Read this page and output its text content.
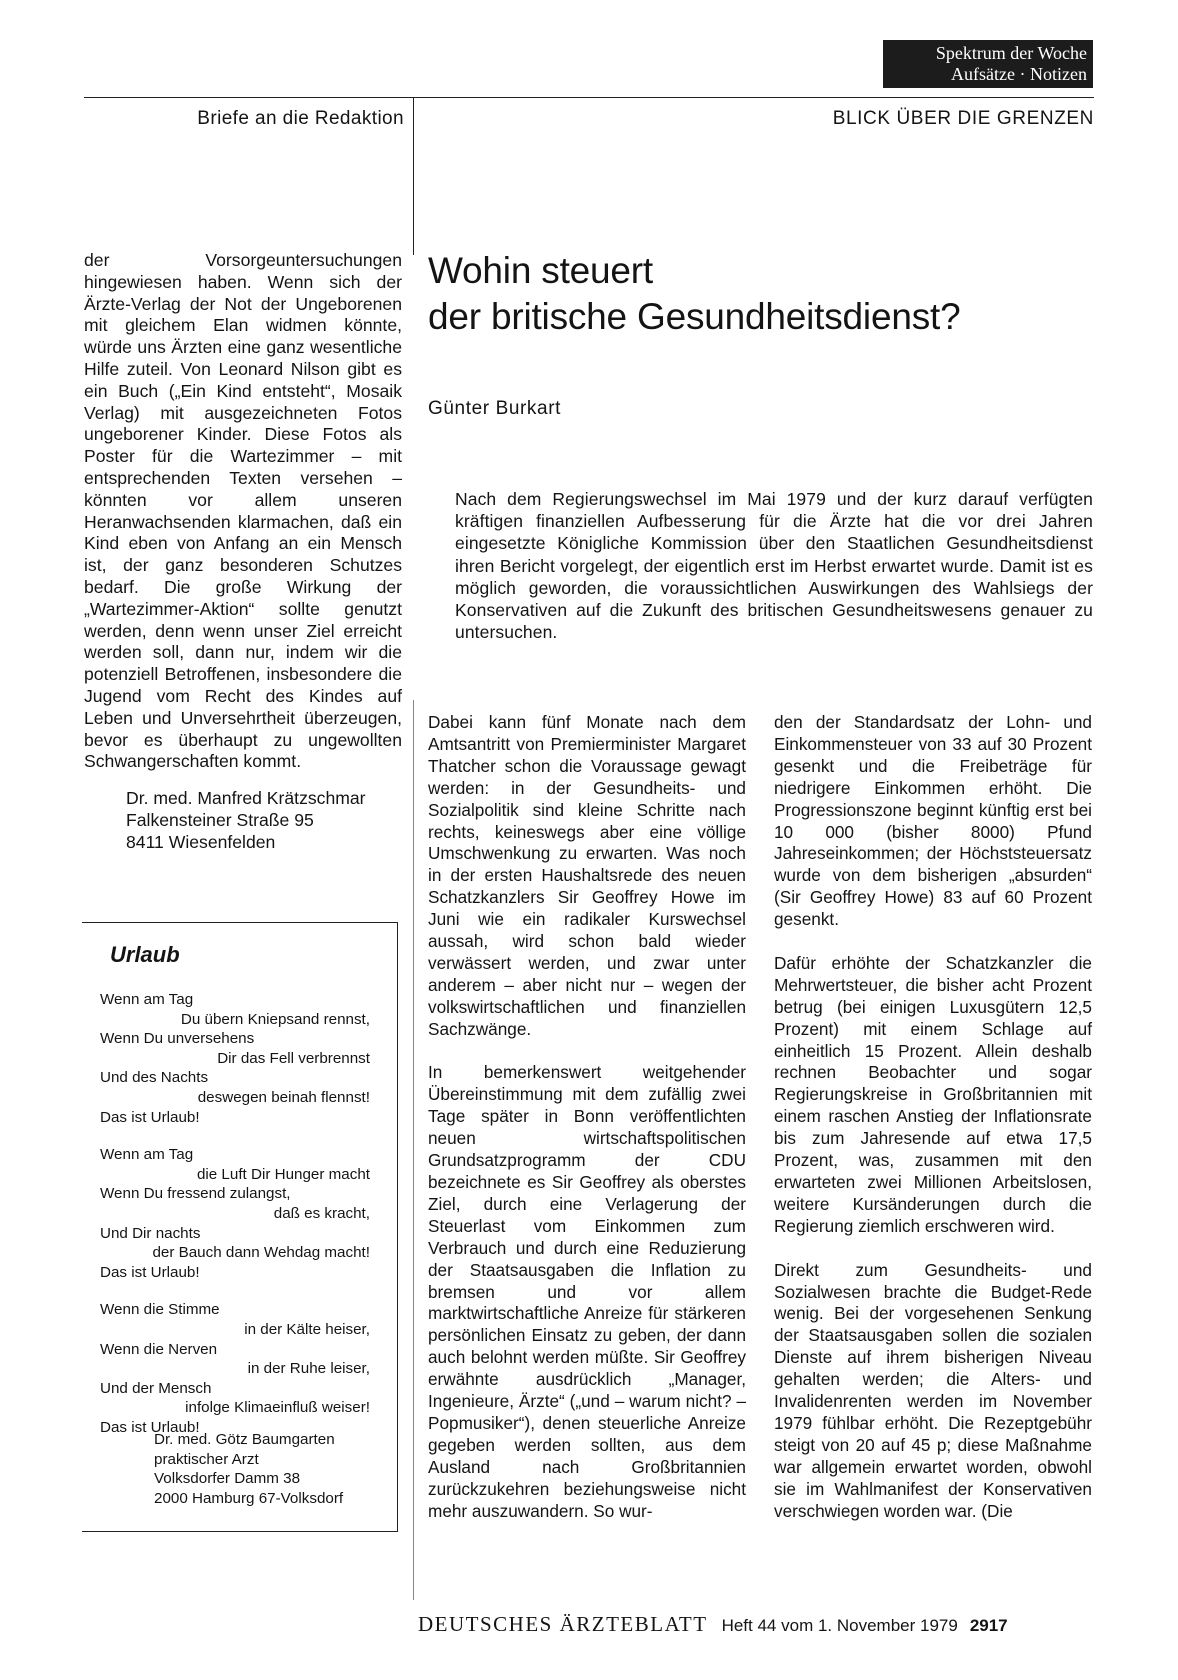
Spektrum der Woche
Aufsätze · Notizen
Briefe an die Redaktion	BLICK ÜBER DIE GRENZEN

der Vorsorgeuntersuchungen hingewiesen haben. Wenn sich der Ärzte-Verlag der Not der Ungeborenen mit gleichem Elan widmen könnte, würde uns Ärzten eine ganz wesentliche Hilfe zuteil. Von Leonard Nilson gibt es ein Buch („Ein Kind entsteht“, Mosaik Verlag) mit ausgezeichneten Fotos ungeborener Kinder. Diese Fotos als Poster für die Wartezimmer – mit entsprechenden Texten versehen – könnten vor allem unseren Heranwachsenden klarmachen, daß ein Kind eben von Anfang an ein Mensch ist, der ganz besonderen Schutzes bedarf. Die große Wirkung der „Wartezimmer-Aktion“ sollte genutzt werden, denn wenn unser Ziel erreicht werden soll, dann nur, indem wir die potenziell Betroffenen, insbesondere die Jugend vom Recht des Kindes auf Leben und Unversehrtheit überzeugen, bevor es überhaupt zu ungewollten Schwangerschaften kommt.

Dr. med. Manfred Krätzschmar
Falkensteiner Straße 95
8411 Wiesenfelden
Urlaub
Wenn am Tag
Du übern Kniepsand rennst,
Wenn Du unversehens
Dir das Fell verbrennst
Und des Nachts
deswegen beinah flennst!
Das ist Urlaub!
Wenn am Tag
die Luft Dir Hunger macht
Wenn Du fressend zulangst,
daß es kracht,
Und Dir nachts
der Bauch dann Wehdag macht!
Das ist Urlaub!
Wenn die Stimme
in der Kälte heiser,
Wenn die Nerven
in der Ruhe leiser,
Und der Mensch
infolge Klimaeinfluß weiser!
Das ist Urlaub!
Dr. med. Götz Baumgarten
praktischer Arzt
Volksdorfer Damm 38
2000 Hamburg 67-Volksdorf
Wohin steuert
der britische Gesundheitsdienst?
Günter Burkart
Nach dem Regierungswechsel im Mai 1979 und der kurz darauf verfügten kräftigen finanziellen Aufbesserung für die Ärzte hat die vor drei Jahren eingesetzte Königliche Kommission über den Staatlichen Gesundheitsdienst ihren Bericht vorgelegt, der eigentlich erst im Herbst erwartet wurde. Damit ist es möglich geworden, die voraussichtlichen Auswirkungen des Wahlsiegs der Konservativen auf die Zukunft des britischen Gesundheitswesens genauer zu untersuchen.

Dabei kann fünf Monate nach dem Amtsantritt von Premierminister Margaret Thatcher schon die Voraussage gewagt werden: in der Gesundheits- und Sozialpolitik sind kleine Schritte nach rechts, keineswegs aber eine völlige Umschwenkung zu erwarten. Was noch in der ersten Haushaltsrede des neuen Schatzkanzlers Sir Geoffrey Howe im Juni wie ein radikaler Kurswechsel aussah, wird schon bald wieder verwässert werden, und zwar unter anderem – aber nicht nur – wegen der volkswirtschaftlichen und finanziellen Sachzwänge.

In bemerkenswert weitgehender Übereinstimmung mit dem zufällig zwei Tage später in Bonn veröffentlichten neuen wirtschaftspolitischen Grundsatzprogramm der CDU bezeichnete es Sir Geoffrey als oberstes Ziel, durch eine Verlagerung der Steuerlast vom Einkommen zum Verbrauch und durch eine Reduzierung der Staatsausgaben die Inflation zu bremsen und vor allem marktwirtschaftliche Anreize für stärkeren persönlichen Einsatz zu geben, der dann auch belohnt werden müßte. Sir Geoffrey erwähnte ausdrücklich „Manager, Ingenieure, Ärzte“ („und – warum nicht? – Popmusiker“), denen steuerliche Anreize gegeben werden sollten, aus dem Ausland nach Großbritannien zurückzukehren beziehungsweise nicht mehr auszuwandern. So wur-

den der Standardsatz der Lohn- und Einkommensteuer von 33 auf 30 Prozent gesenkt und die Freibeträge für niedrigere Einkommen erhöht. Die Progressionszone beginnt künftig erst bei 10 000 (bisher 8000) Pfund Jahreseinkommen; der Höchststeuersatz wurde von dem bisherigen „absurden“ (Sir Geoffrey Howe) 83 auf 60 Prozent gesenkt.

Dafür erhöhte der Schatzkanzler die Mehrwertsteuer, die bisher acht Prozent betrug (bei einigen Luxusgütern 12,5 Prozent) mit einem Schlage auf einheitlich 15 Prozent. Allein deshalb rechnen Beobachter und sogar Regierungskreise in Großbritannien mit einem raschen Anstieg der Inflationsrate bis zum Jahresende auf etwa 17,5 Prozent, was, zusammen mit den erwarteten zwei Millionen Arbeitslosen, weitere Kursänderungen durch die Regierung ziemlich erschweren wird.

Direkt zum Gesundheits- und Sozialwesen brachte die Budget-Rede wenig. Bei der vorgesehenen Senkung der Staatsausgaben sollen die sozialen Dienste auf ihrem bisherigen Niveau gehalten werden; die Alters- und Invalidenrenten werden im November 1979 fühlbar erhöht. Die Rezeptgebühr steigt von 20 auf 45 p; diese Maßnahme war allgemein erwartet worden, obwohl sie im Wahlmanifest der Konservativen verschwiegen worden war. (Die

DEUTSCHES ÄRZTEBLATT Heft 44 vom 1. November 1979 2917
